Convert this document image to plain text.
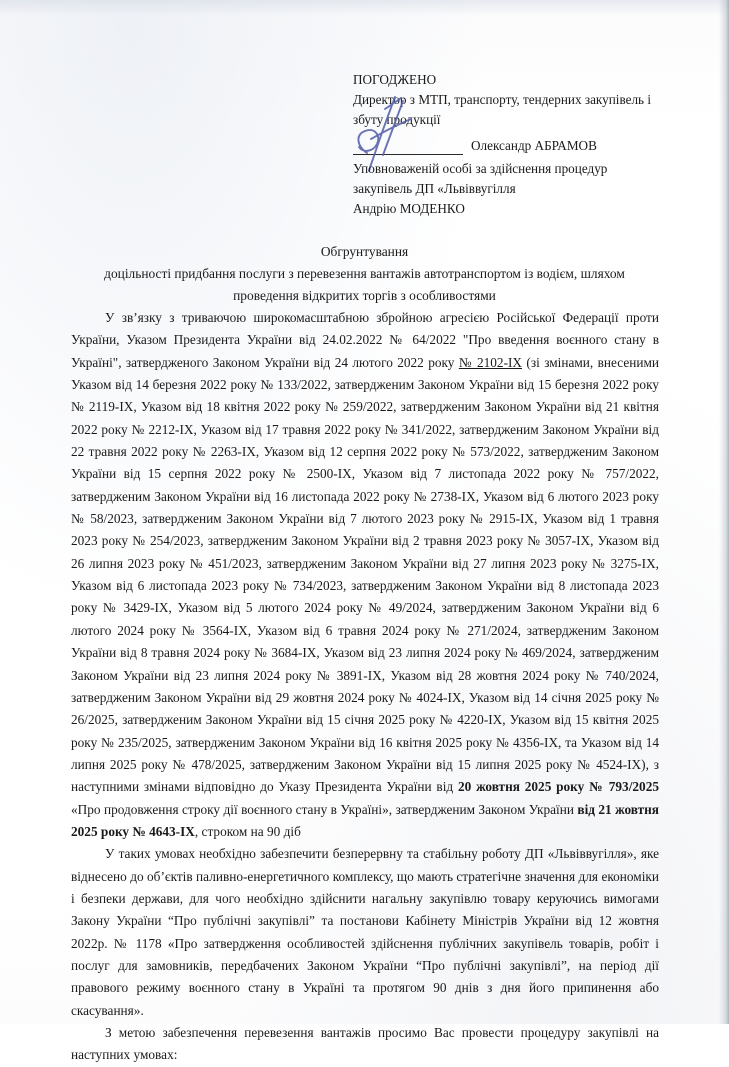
ПОГОДЖЕНО
Директор з МТП, транспорту, тендерних закупівель і
збуту продукції
Олександр АБРАМОВ
Уповноваженій особі за здійснення процедур
закупівель ДП «Львіввугілля
Андрію МОДЕНКО
Обгрунтування
доцільності придбання послуги з перевезення вантажів автотранспортом із водієм, шляхом
проведення відкритих торгів з особливостями

У зв’язку з триваючою широкомасштабною збройною агресією Російської Федерації проти України, Указом Президента України від 24.02.2022 № 64/2022 "Про введення воєнного стану в Україні", затвердженого Законом України від 24 лютого 2022 року № 2102-IX (зі змінами, внесеними Указом від 14 березня 2022 року № 133/2022, затвердженим Законом України від 15 березня 2022 року № 2119-IX, Указом від 18 квітня 2022 року № 259/2022, затвердженим Законом України від 21 квітня 2022 року № 2212-IX, Указом від 17 травня 2022 року № 341/2022, затвердженим Законом України від 22 травня 2022 року № 2263-IX, Указом від 12 серпня 2022 року № 573/2022, затвердженим Законом України від 15 серпня 2022 року № 2500-IX, Указом від 7 листопада 2022 року № 757/2022, затвердженим Законом України від 16 листопада 2022 року № 2738-IX, Указом від 6 лютого 2023 року № 58/2023, затвердженим Законом України від 7 лютого 2023 року № 2915-IX, Указом від 1 травня 2023 року № 254/2023, затвердженим Законом України від 2 травня 2023 року № 3057-IX, Указом від 26 липня 2023 року № 451/2023, затвердженим Законом України від 27 липня 2023 року № 3275-IX, Указом від 6 листопада 2023 року № 734/2023, затвердженим Законом України від 8 листопада 2023 року № 3429-IX, Указом від 5 лютого 2024 року № 49/2024, затвердженим Законом України від 6 лютого 2024 року № 3564-IX, Указом від 6 травня 2024 року № 271/2024, затвердженим Законом України від 8 травня 2024 року № 3684-IX, Указом від 23 липня 2024 року № 469/2024, затвердженим Законом України від 23 липня 2024 року № 3891-IX, Указом від 28 жовтня 2024 року № 740/2024, затвердженим Законом України від 29 жовтня 2024 року № 4024-IX, Указом від 14 січня 2025 року № 26/2025, затвердженим Законом України від 15 січня 2025 року № 4220-IX, Указом від 15 квітня 2025 року № 235/2025, затвердженим Законом України від 16 квітня 2025 року № 4356-IX, та Указом від 14 липня 2025 року № 478/2025, затвердженим Законом України від 15 липня 2025 року № 4524-IX), з наступними змінами відповідно до Указу Президента України від 20 жовтня 2025 року № 793/2025 «Про продовження строку дії воєнного стану в Україні», затвердженим Законом України від 21 жовтня 2025 року № 4643-IX, строком на 90 діб

У таких умовах необхідно забезпечити безперервну та стабільну роботу ДП «Львіввугілля», яке віднесено до об’єктів паливно-енергетичного комплексу, що мають стратегічне значення для економіки і безпеки держави, для чого необхідно здійснити нагальну закупівлю товару керуючись вимогами Закону України “Про публічні закупівлі” та постанови Кабінету Міністрів України від 12 жовтня 2022р. № 1178 «Про затвердження особливостей здійснення публічних закупівель товарів, робіт і послуг для замовників, передбачених Законом України “Про публічні закупівлі”, на період дії правового режиму воєнного стану в Україні та протягом 90 днів з дня його припинення або скасування».

З метою забезпечення перевезення вантажів просимо Вас провести процедуру закупівлі на наступних умовах:
